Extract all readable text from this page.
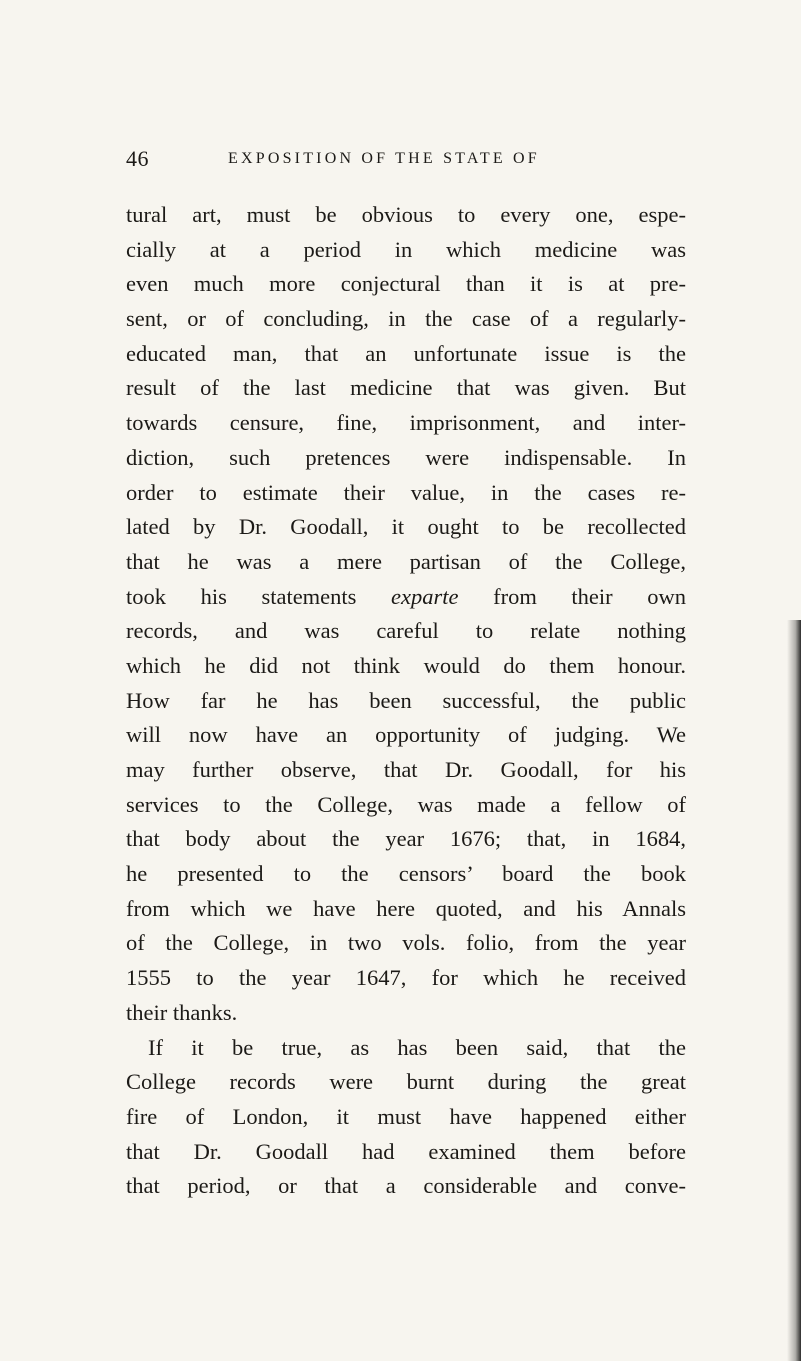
46	EXPOSITION OF THE STATE OF
tural art, must be obvious to every one, espe-
cially at a period in which medicine was
even much more conjectural than it is at pre-
sent, or of concluding, in the case of a regularly-
educated man, that an unfortunate issue is the
result of the last medicine that was given. But
towards censure, fine, imprisonment, and inter-
diction, such pretences were indispensable. In
order to estimate their value, in the cases re-
lated by Dr. Goodall, it ought to be recollected
that he was a mere partisan of the College,
took his statements exparte from their own
records, and was careful to relate nothing
which he did not think would do them honour.
How far he has been successful, the public
will now have an opportunity of judging. We
may further observe, that Dr. Goodall, for his
services to the College, was made a fellow of
that body about the year 1676; that, in 1684,
he presented to the censors’ board the book
from which we have here quoted, and his Annals
of the College, in two vols. folio, from the year
1555 to the year 1647, for which he received
their thanks.
If it be true, as has been said, that the
College records were burnt during the great
fire of London, it must have happened either
that Dr. Goodall had examined them before
that period, or that a considerable and conve-
